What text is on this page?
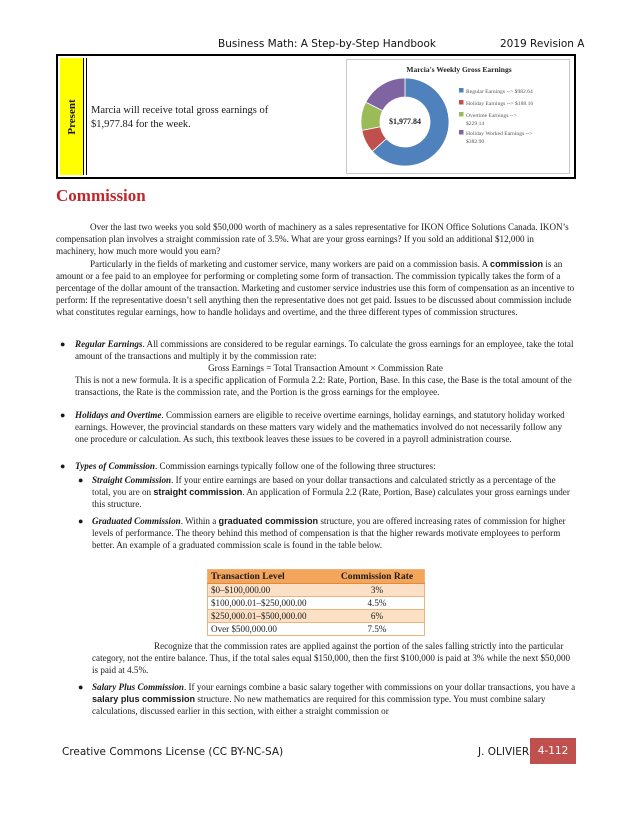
Business Math: A Step-by-Step Handbook	2019 Revision A
Present Marcia will receive total gross earnings of $1,977.84 for the week.
Marcia's Weekly Gross Earnings
$1,977.84
Regular Earnings --> $982.64
Holiday Earnings --> $188.16
Overtime Earnings -->
$229.14
Holiday Worked Earnings -->
$382.90
Commission
Over the last two weeks you sold $50,000 worth of machinery as a sales representative for IKON Office Solutions Canada. IKON’s compensation plan involves a straight commission rate of 3.5%. What are your gross earnings? If you sold an additional $12,000 in machinery, how much more would you earn?
Particularly in the fields of marketing and customer service, many workers are paid on a commission basis. A commission is an amount or a fee paid to an employee for performing or completing some form of transaction. The commission typically takes the form of a percentage of the dollar amount of the transaction. Marketing and customer service industries use this form of compensation as an incentive to perform: If the representative doesn’t sell anything then the representative does not get paid. Issues to be discussed about commission include what constitutes regular earnings, how to handle holidays and overtime, and the three different types of commission structures.
● Regular Earnings. All commissions are considered to be regular earnings. To calculate the gross earnings for an employee, take the total amount of the transactions and multiply it by the commission rate:
Gross Earnings = Total Transaction Amount × Commission Rate
This is not a new formula. It is a specific application of Formula 2.2: Rate, Portion, Base. In this case, the Base is the total amount of the transactions, the Rate is the commission rate, and the Portion is the gross earnings for the employee.
● Holidays and Overtime. Commission earners are eligible to receive overtime earnings, holiday earnings, and statutory holiday worked earnings. However, the provincial standards on these matters vary widely and the mathematics involved do not necessarily follow any one procedure or calculation. As such, this textbook leaves these issues to be covered in a payroll administration course.
● Types of Commission. Commission earnings typically follow one of the following three structures:
● Straight Commission. If your entire earnings are based on your dollar transactions and calculated strictly as a percentage of the total, you are on straight commission. An application of Formula 2.2 (Rate, Portion, Base) calculates your gross earnings under this structure.
● Graduated Commission. Within a graduated commission structure, you are offered increasing rates of commission for higher levels of performance. The theory behind this method of compensation is that the higher rewards motivate employees to perform better. An example of a graduated commission scale is found in the table below.
Transaction Level	Commission Rate
$0–$100,000.00	3%
$100,000.01–$250,000.00	4.5%
$250,000.01–$500,000.00	6%
Over $500,000.00	7.5%
Recognize that the commission rates are applied against the portion of the sales falling strictly into the particular category, not the entire balance. Thus, if the total sales equal $150,000, then the first $100,000 is paid at 3% while the next $50,000 is paid at 4.5%.
● Salary Plus Commission. If your earnings combine a basic salary together with commissions on your dollar transactions, you have a salary plus commission structure. No new mathematics are required for this commission type. You must combine salary calculations, discussed earlier in this section, with either a straight commission or
Creative Commons License (CC BY-NC-SA)	J. OLIVIER 4-112
